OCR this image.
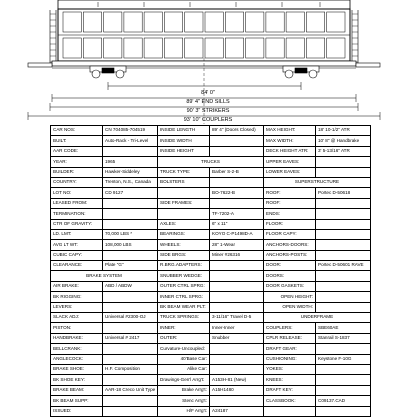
84' 0"
89' 4" END SILLS
90' 3" STRIKERS
93' 10" COUPLERS
CAR NOS:	CN 704085-704519	INSIDE LENGTH	89' 4" (Doors Closed)	MAX HEIGHT:	18' 10-1/2" ATR
BUILT:	Auto-Rack - Tri-Level	INSIDE WIDTH		MAX WIDTH:	10' 8" @ Handbrake
AAR CODE:		INSIDE HEIGHT		DECK HEIGHT ATR:	3' 5-13/16" ATR
YEAR:	1965	TRUCKS		UPPER EAVES:	
BUILDER:	Hawker-Siddeley	TRUCK TYPE:	Barber S-2-B	LOWER EAVES:	
COUNTRY:	Trenton, N.S., Canada	BOLSTERS		SUPERSTRUCTURE	
LOT NO:	CD 9127		BO-7622-B	ROOF:	Portec D-50618
LEASED FROM:		SIDE FRAMES:		ROOF:	
TERMINATION:			TF-7202-A	ENDS:	
CTR OF GRAVITY:		AXLES:	6" x 11"	FLOOR:	
LD. LMT:	70,000 LBS *	BEARINGS:	KOYO C-P1498D-A	FLOOR CAPY:	
AVG LT WT:	108,000 LBS	WHEELS:	28" 1-Wear	ANCHORS-DOORS:	
CUBIC CAPY:		SIDE BRGS:	Miner #26316	ANCHORS-POSTS:	
CLEARANCE:	Plate "G"	R.BRG.ADAPTERS:		DOOR:	Portec D-50601 RAVE
BRAKE SYSTEM		SNUBBER WEDGE:		DOORS:	
AIR BRAKE:	ABD / ABDW	OUTER CTRL SPRG:		DOOR GASKETS:	
BK RIGGING:		INNER CTRL SPRG:		OPEN HEIGHT:	
LEVERS:		BK BEAM WEAR PLT:		OPEN WIDTH:	
SLACK ADJ:	Universal #2300-OJ	TRUCK SPRINGS:	3-11/16" Travel D-5	UNDERFRAME	
PISTON:		INNER:	Inner-Inner	COUPLERS:	SBE60AE
HANDBRAKE:	Universal # 2417	OUTER:	Snubber	CPLR RELEASE:	Stanrail S-1837
BELLCRANK:		Curvature-Uncoupled:		DRAFT GEAR:	
ANGLECOCK:		40'Base Car:		CUSHIONING:	Keystone F-10G
BRAKE SHOE:	H.F. Composition	Alike Car:		YOKES:	
BK SHOE KEY:		Drawings-Gen'l Arrg't:	A153H-81 (New)	KNEES:	
BRAKE BEAM:	AAR-18 Creco Unit Type	Brake Arrg't:	A15H1480	DRAFT KEY:	
BK BEAM SUPP:		Stenc Arrg't:		CLASSBOOK:	C09137.CAD
ISSUED:		H/F Arrg't:	A24187		
